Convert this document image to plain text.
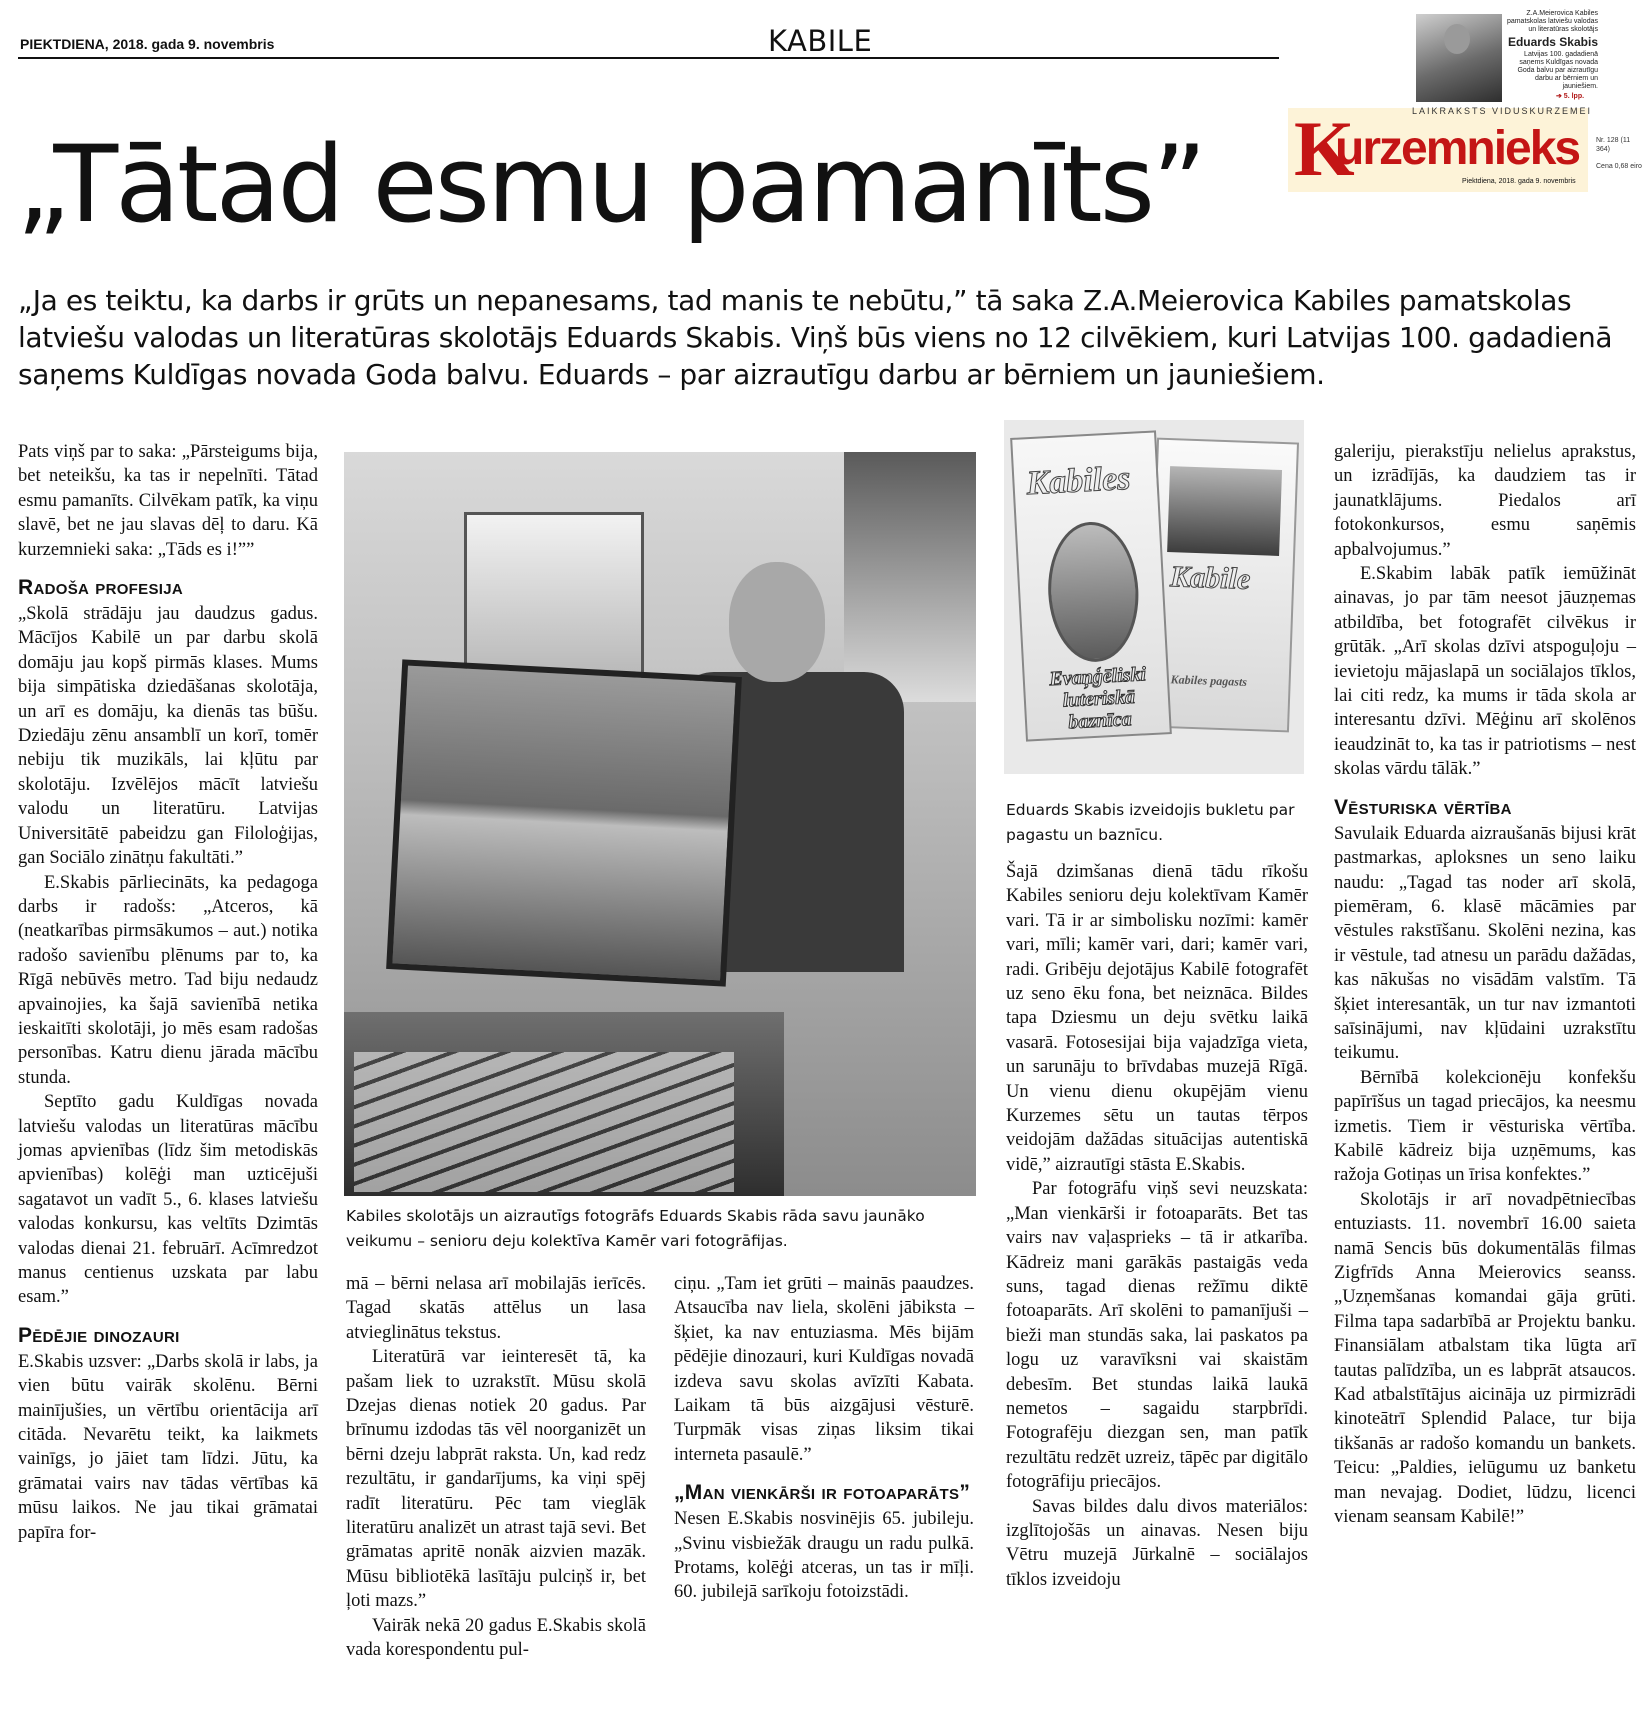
PIEKTDIENA, 2018. gada 9. novembris	KABILE
Z.A.Meierovica Kabiles pamatskolas latviešu valodas un literatūras skolotājs
Eduards Skabis
Latvijas 100. gadadienā saņems Kuldīgas novada Goda balvu par aizrautīgu darbu ar bērniem un jauniešiem.
➔ 5. lpp.
LAIKRAKSTS VIDUSKURZEMEI
K
urzemnieks
Piektdiena, 2018. gada 9. novembris
Nr. 128 (11 364)
Cena 0,68 eiro
„Tātad esmu pamanīts”

„Ja es teiktu, ka darbs ir grūts un nepanesams, tad manis te nebūtu,” tā saka Z.A.Meierovica Kabiles pamatskolas latviešu valodas un literatūras skolotājs Eduards Skabis. Viņš būs viens no 12 cilvēkiem, kuri Latvijas 100. gadadienā saņems Kuldīgas novada Goda balvu. Eduards – par aizrautīgu darbu ar bērniem un jauniešiem.

Pats viņš par to saka: „Pārsteigums bija, bet neteikšu, ka tas ir nepelnīti. Tātad esmu pamanīts. Cilvēkam patīk, ka viņu slavē, bet ne jau slavas dēļ to daru. Kā kurzemnieki saka: „Tāds es i!””

Radoša profesija

„Skolā strādāju jau daudzus gadus. Mācījos Kabilē un par darbu skolā domāju jau kopš pirmās klases. Mums bija simpātiska dziedāšanas skolotāja, un arī es domāju, ka dienās tas būšu. Dziedāju zēnu ansamblī un korī, tomēr nebiju tik muzikāls, lai kļūtu par skolotāju. Izvēlējos mācīt latviešu valodu un literatūru. Latvijas Universitātē pabeidzu gan Filoloģijas, gan Sociālo zinātņu fakultāti.”

E.Skabis pārliecināts, ka pedagoga darbs ir radošs: „Atceros, kā (neatkarības pirmsākumos – aut.) notika radošo savienību plēnums par to, ka Rīgā nebūvēs metro. Tad biju nedaudz apvainojies, ka šajā savienībā netika ieskaitīti skolotāji, jo mēs esam radošas personības. Katru dienu jārada mācību stunda.

Septīto gadu Kuldīgas novada latviešu valodas un literatūras mācību jomas apvienības (līdz šim metodiskās apvienības) kolēģi man uzticējuši sagatavot un vadīt 5., 6. klases latviešu valodas konkursu, kas veltīts Dzimtās valodas dienai 21. februārī. Acīmredzot manus centienus uzskata par labu esam.”

Pēdējie dinozauri

E.Skabis uzsver: „Darbs skolā ir labs, ja vien būtu vairāk skolēnu. Bērni mainījušies, un vērtību orientācija arī citāda. Nevarētu teikt, ka laikmets vainīgs, jo jāiet tam līdzi. Jūtu, ka grāmatai vairs nav tādas vērtības kā mūsu laikos. Ne jau tikai grāmatai papīra for-

Kabiles skolotājs un aizrautīgs fotogrāfs Eduards Skabis rāda savu jaunāko veikumu – senioru deju kolektīva Kamēr vari fotogrāfijas.

mā – bērni nelasa arī mobilajās ierīcēs. Tagad skatās attēlus un lasa atvieglinātus tekstus.

Literatūrā var ieinteresēt tā, ka pašam liek to uzrakstīt. Mūsu skolā Dzejas dienas notiek 20 gadus. Par brīnumu izdodas tās vēl noorganizēt un bērni dzeju labprāt raksta. Un, kad redz rezultātu, ir gandarījums, ka viņi spēj radīt literatūru. Pēc tam vieglāk literatūru analizēt un atrast tajā sevi. Bet grāmatas apritē nonāk aizvien mazāk. Mūsu bibliotēkā lasītāju pulciņš ir, bet ļoti mazs.”

Vairāk nekā 20 gadus E.Skabis skolā vada korespondentu pul-

ciņu. „Tam iet grūti – mainās paaudzes. Atsaucība nav liela, skolēni jābiksta – šķiet, ka nav entuziasma. Mēs bijām pēdējie dinozauri, kuri Kuldīgas novadā izdeva savu skolas avīzīti Kabata. Laikam tā būs aizgājusi vēsturē. Turpmāk visas ziņas liksim tikai interneta pasaulē.”

„Man vienkārši ir fotoaparāts”

Nesen E.Skabis nosvinējis 65. jubileju. „Svinu visbiežāk draugu un radu pulkā. Protams, kolēģi atceras, un tas ir mīļi. 60. jubilejā sarīkoju fotoizstādi.

Kabile
Kabiles pagasts
Kabiles
Evaņģēliski luteriskā baznīca
Eduards Skabis izveidojis bukletu par pagastu un baznīcu.

Šajā dzimšanas dienā tādu rīkošu Kabiles senioru deju kolektīvam Kamēr vari. Tā ir ar simbolisku nozīmi: kamēr vari, mīli; kamēr vari, dari; kamēr vari, radi. Gribēju dejotājus Kabilē fotografēt uz seno ēku fona, bet neiznāca. Bildes tapa Dziesmu un deju svētku laikā vasarā. Fotosesijai bija vajadzīga vieta, un sarunāju to brīvdabas muzejā Rīgā. Un vienu dienu okupējām vienu Kurzemes sētu un tautas tērpos veidojām dažādas situācijas autentiskā vidē,” aizrautīgi stāsta E.Skabis.

Par fotogrāfu viņš sevi neuzskata: „Man vienkārši ir fotoaparāts. Bet tas vairs nav vaļasprieks – tā ir atkarība. Kādreiz mani garākās pastaigās veda suns, tagad dienas režīmu diktē fotoaparāts. Arī skolēni to pamanījuši – bieži man stundās saka, lai paskatos pa logu uz varavīksni vai skaistām debesīm. Bet stundas laikā laukā nemetos – sagaidu starpbrīdi. Fotografēju diezgan sen, man patīk rezultātu redzēt uzreiz, tāpēc par digitālo fotogrāfiju priecājos.

Savas bildes dalu divos materiālos: izglītojošās un ainavas. Nesen biju Vētru muzejā Jūrkalnē – sociālajos tīklos izveidoju

galeriju, pierakstīju nelielus aprakstus, un izrādījās, ka daudziem tas ir jaunatklājums. Piedalos arī fotokonkursos, esmu saņēmis apbalvojumus.”

E.Skabim labāk patīk iemūžināt ainavas, jo par tām neesot jāuzņemas atbildība, bet fotografēt cilvēkus ir grūtāk. „Arī skolas dzīvi atspoguļoju – ievietoju mājaslapā un sociālajos tīklos, lai citi redz, ka mums ir tāda skola ar interesantu dzīvi. Mēģinu arī skolēnos ieaudzināt to, ka tas ir patriotisms – nest skolas vārdu tālāk.”

Vēsturiska vērtība

Savulaik Eduarda aizraušanās bijusi krāt pastmarkas, aploksnes un seno laiku naudu: „Tagad tas noder arī skolā, piemēram, 6. klasē mācāmies par vēstules rakstīšanu. Skolēni nezina, kas ir vēstule, tad atnesu un parādu dažādas, kas nākušas no visādām valstīm. Tā šķiet interesantāk, un tur nav izmantoti saīsinājumi, nav kļūdaini uzrakstītu teikumu.

Bērnībā kolekcionēju konfekšu papīrīšus un tagad priecājos, ka neesmu izmetis. Tiem ir vēsturiska vērtība. Kabilē kādreiz bija uzņēmums, kas ražoja Gotiņas un īrisa konfektes.”

Skolotājs ir arī novadpētniecības entuziasts. 11. novembrī 16.00 saieta namā Sencis būs dokumentālās filmas Zigfrīds Anna Meierovics seanss. „Uzņemšanas komandai gāja grūti. Filma tapa sadarbībā ar Projektu banku. Finansiālam atbalstam tika lūgta arī tautas palīdzība, un es labprāt atsaucos. Kad atbalstītājus aicināja uz pirmizrādi kinoteātrī Splendid Palace, tur bija tikšanās ar radošo komandu un bankets. Teicu: „Paldies, ielūgumu uz banketu man nevajag. Dodiet, lūdzu, licenci vienam seansam Kabilē!”
